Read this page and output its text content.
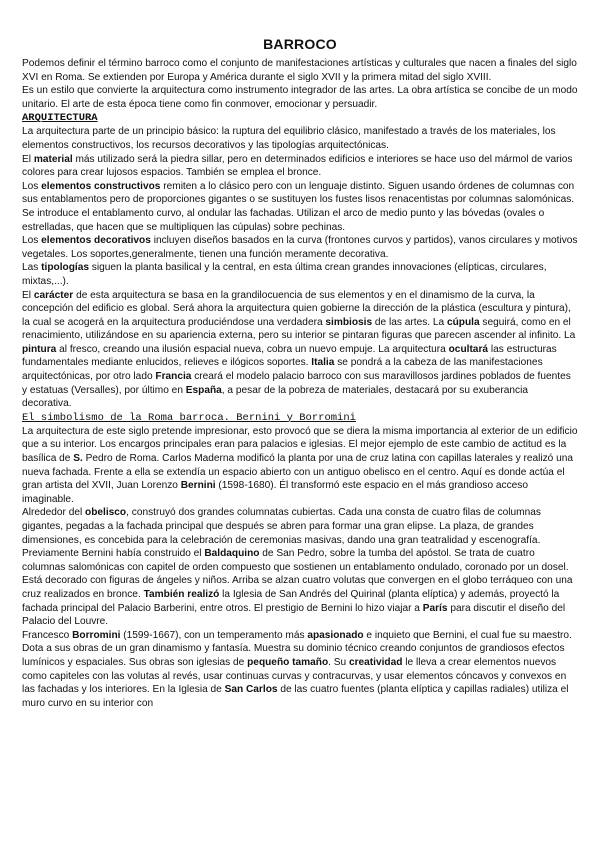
BARROCO

Podemos definir el término barroco como el conjunto de manifestaciones artísticas y culturales que nacen a finales del siglo XVI en Roma. Se extienden por Europa y América durante el siglo XVII y la primera mitad del siglo XVIII.

Es un estilo que convierte la arquitectura como instrumento integrador de las artes. La obra artística se concibe de un modo unitario. El arte de esta época tiene como fin conmover, emocionar y persuadir.

ARQUITECTURA

La arquitectura parte de un principio básico: la ruptura del equilibrio clásico, manifestado a través de los materiales, los elementos constructivos, los recursos decorativos y las tipologías arquitectónicas.

El material más utilizado será la piedra sillar, pero en determinados edificios e interiores se hace uso del mármol de varios colores para crear lujosos espacios. También se emplea el bronce.

Los elementos constructivos remiten a lo clásico pero con un lenguaje distinto. Siguen usando órdenes de columnas con sus entablamentos pero de proporciones gigantes o se sustituyen los fustes lisos renacentistas por columnas salomónicas. Se introduce el entablamento curvo, al ondular las fachadas. Utilizan el arco de medio punto y las bóvedas (ovales o estrelladas, que hacen que se multipliquen las cúpulas) sobre pechinas.

Los elementos decorativos incluyen diseños basados en la curva (frontones curvos y partidos), vanos circulares y motivos vegetales. Los soportes,generalmente, tienen una función meramente decorativa.

Las tipologías siguen la planta basilical y la central, en esta última crean grandes innovaciones (elípticas, circulares, mixtas,...).

El carácter de esta arquitectura se basa en la grandilocuencia de sus elementos y en el dinamismo de la curva, la concepción del edificio es global. Será ahora la arquitectura quien gobierne la dirección de la plástica (escultura y pintura), la cual se acogerá en la arquitectura produciéndose una verdadera simbiosis de las artes. La cúpula seguirá, como en el renacimiento, utilizándose en su apariencia externa, pero su interior se pintaran figuras que parecen ascender al infinito. La pintura al fresco, creando una ilusión espacial nueva, cobra un nuevo empuje. La arquitectura ocultará las estructuras fundamentales mediante enlucidos, relieves e ilógicos soportes. Italia se pondrá a la cabeza de las manifestaciones arquitectónicas, por otro lado Francia creará el modelo palacio barroco con sus maravillosos jardines poblados de fuentes y estatuas (Versalles), por último en España, a pesar de la pobreza de materiales, destacará por su exuberancia decorativa.

El simbolismo de la Roma barroca. Bernini y Borromini

La arquitectura de este siglo pretende impresionar, esto provocó que se diera la misma importancia al exterior de un edificio que a su interior. Los encargos principales eran para palacios e iglesias. El mejor ejemplo de este cambio de actitud es la basílica de S. Pedro de Roma. Carlos Maderna modificó la planta por una de cruz latina con capillas laterales y realizó una nueva fachada. Frente a ella se extendía un espacio abierto con un antiguo obelisco en el centro. Aquí es donde actúa el gran artista del XVII, Juan Lorenzo Bernini (1598-1680). Él transformó este espacio en el más grandioso acceso imaginable.

Alrededor del obelisco, construyó dos grandes columnatas cubiertas. Cada una consta de cuatro filas de columnas gigantes, pegadas a la fachada principal que después se abren para formar una gran elipse. La plaza, de grandes dimensiones, es concebida para la celebración de ceremonias masivas, dando una gran teatralidad y escenografía. Previamente Bernini había construido el Baldaquino de San Pedro, sobre la tumba del apóstol. Se trata de cuatro columnas salomónicas con capitel de orden compuesto que sostienen un entablamento ondulado, coronado por un dosel. Está decorado con figuras de ángeles y niños. Arriba se alzan cuatro volutas que convergen en el globo terráqueo con una cruz realizados en bronce. También realizó la Iglesia de San Andrés del Quirinal (planta elíptica) y además, proyectó la fachada principal del Palacio Barberini, entre otros. El prestigio de Bernini lo hizo viajar a París para discutir el diseño del Palacio del Louvre.

Francesco Borromini (1599-1667), con un temperamento más apasionado e inquieto que Bernini, el cual fue su maestro. Dota a sus obras de un gran dinamismo y fantasía. Muestra su dominio técnico creando conjuntos de grandiosos efectos lumínicos y espaciales. Sus obras son iglesias de pequeño tamaño. Su creatividad le lleva a crear elementos nuevos como capiteles con las volutas al revés, usar continuas curvas y contracurvas, y usar elementos cóncavos y convexos en las fachadas y los interiores. En la Iglesia de San Carlos de las cuatro fuentes (planta elíptica y capillas radiales) utiliza el muro curvo en su interior con
